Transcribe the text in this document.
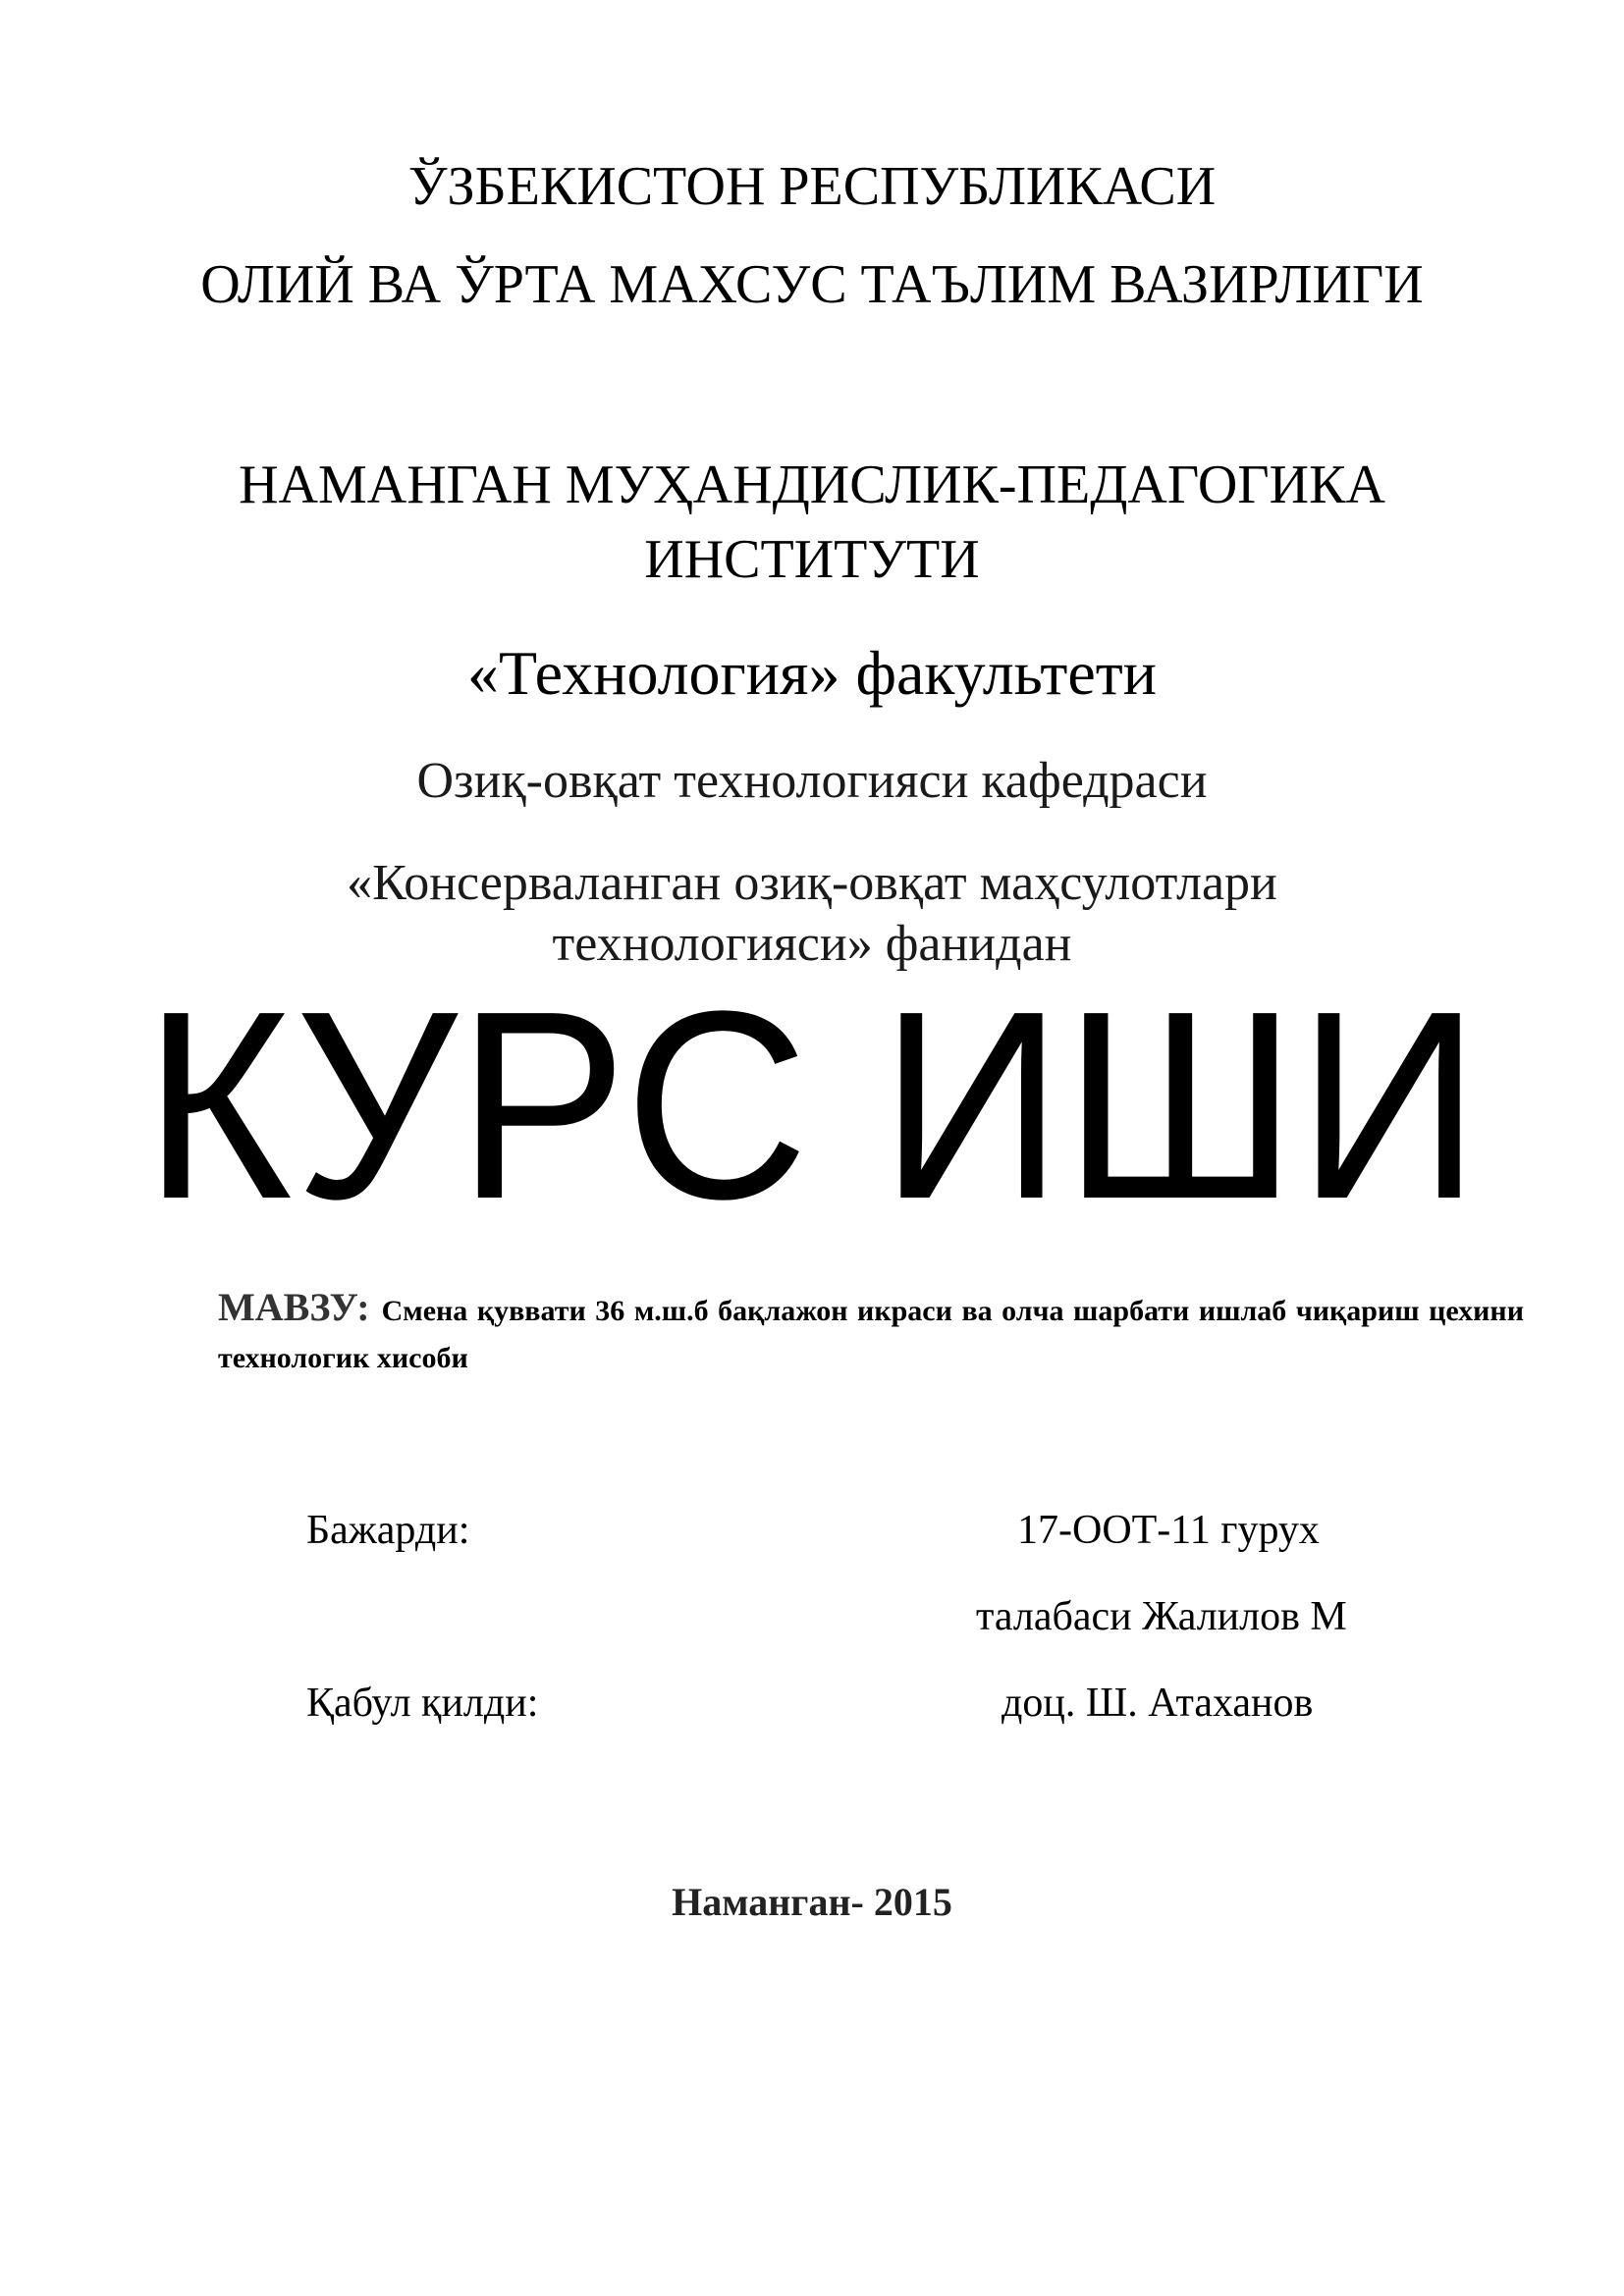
ЎЗБЕКИСТОН РЕСПУБЛИКАСИ
ОЛИЙ ВА ЎРТА МАХСУС ТАЪЛИМ ВАЗИРЛИГИ
НАМАНГАН МУҲАНДИСЛИК-ПЕДАГОГИКА
ИНСТИТУТИ
«Технология» факультети
Озиқ-овқат технологияси кафедраси
«Консерваланган озиқ-овқат маҳсулотлари
технологияси» фанидан
КУРС ИШИ
МАВЗУ: Смена қуввати 36 м.ш.б бақлажон икраси ва олча шарбати ишлаб чиқариш цехини технологик хисоби
Бажарди:	17-ООТ-11 гурух
талабаси Жалилов М
Қабул қилди:	доц. Ш. Атаханов
Наманган- 2015
